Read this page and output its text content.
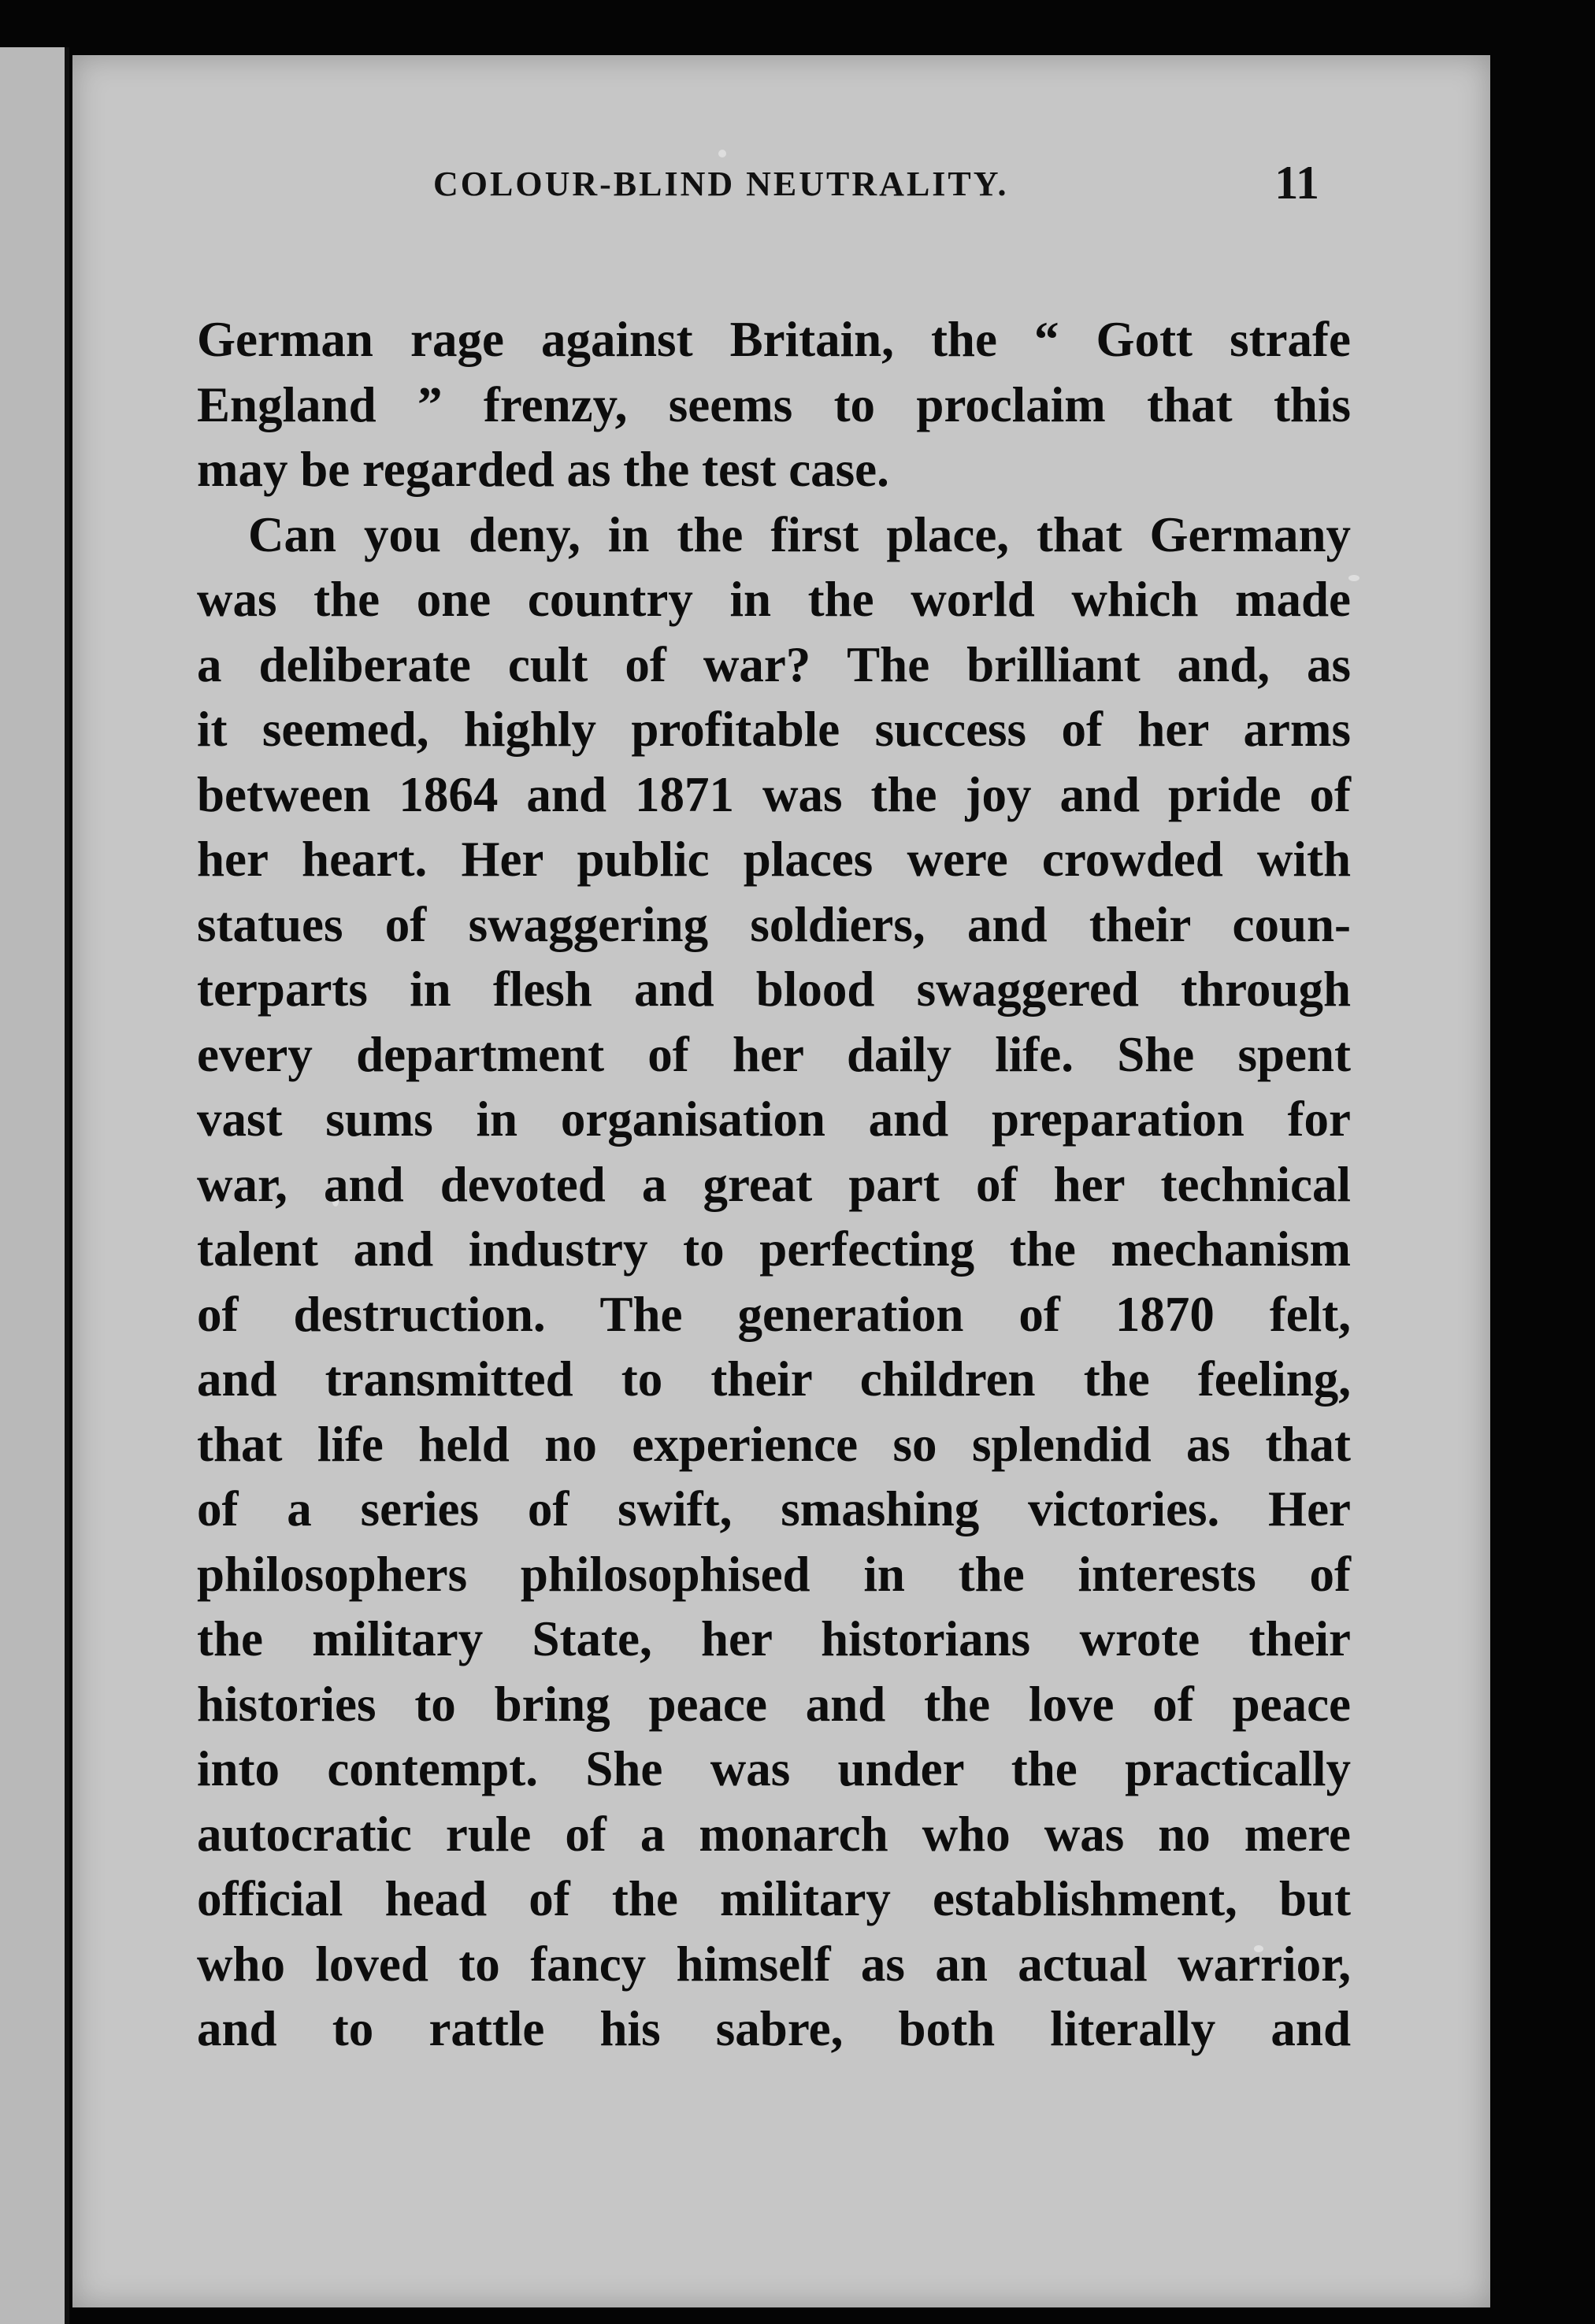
COLOUR-BLIND NEUTRALITY.	11
German rage against Britain, the “ Gott strafe
England ” frenzy, seems to proclaim that this
may be regarded as the test case.
Can you deny, in the first place, that Germany
was the one country in the world which made
a deliberate cult of war? The brilliant and, as
it seemed, highly profitable success of her arms
between 1864 and 1871 was the joy and pride of
her heart. Her public places were crowded with
statues of swaggering soldiers, and their coun-
terparts in flesh and blood swaggered through
every department of her daily life. She spent
vast sums in organisation and preparation for
war, and devoted a great part of her technical
talent and industry to perfecting the mechanism
of destruction. The generation of 1870 felt,
and transmitted to their children the feeling,
that life held no experience so splendid as that
of a series of swift, smashing victories. Her
philosophers philosophised in the interests of
the military State, her historians wrote their
histories to bring peace and the love of peace
into contempt. She was under the practically
autocratic rule of a monarch who was no mere
official head of the military establishment, but
who loved to fancy himself as an actual warrior,
and to rattle his sabre, both literally and
